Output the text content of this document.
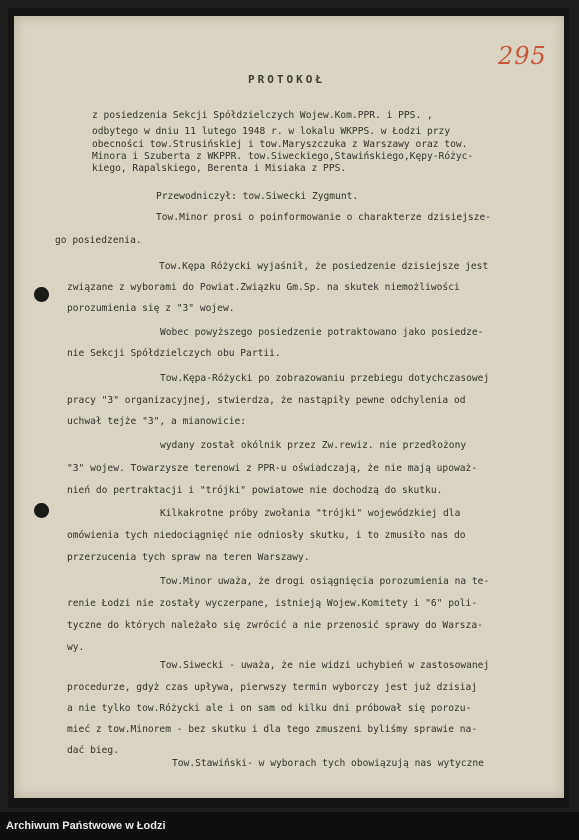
295
PROTOKOŁ
z posiedzenia Sekcji Spółdzielczych Wojew.Kom.PPR. i PPS. ,
odbytego w dniu 11 lutego 1948 r. w lokalu WKPPS. w Łodzi przy
obecności tow.Strusińskiej i tow.Maryszczuka z Warszawy oraz tow.
Minora i Szuberta z WKPPR. tow.Siweckiego,Stawińskiego,Kępy-Różyc-
kiego, Rapalskiego, Berenta i Misiaka z PPS.
Przewodniczył: tow.Siwecki Zygmunt.
Tow.Minor prosi o poinformowanie o charakterze dzisiejsze-
go posiedzenia.
Tow.Kępa Różycki wyjaśnił, że posiedzenie dzisiejsze jest
związane z wyborami do Powiat.Związku Gm.Sp. na skutek niemożliwości
porozumienia się z "3" wojew.
Wobec powyższego posiedzenie potraktowano jako posiedze-
nie Sekcji Spółdzielczych obu Partii.
Tow.Kępa-Różycki po zobrazowaniu przebiegu dotychczasowej
pracy "3" organizacyjnej, stwierdza, że nastąpiły pewne odchylenia od
uchwał tejże "3", a mianowicie:
wydany został okólnik przez Zw.rewiz. nie przedłożony
"3" wojew. Towarzysze terenowi z PPR-u oświadczają, że nie mają upoważ-
nień do pertraktacji i "trójki" powiatowe nie dochodzą do skutku.
Kilkakrotne próby zwołania "trójki" wojewódzkiej dla
omówienia tych niedociągnięć nie odniosły skutku, i to zmusiło nas do
przerzucenia tych spraw na teren Warszawy.
Tow.Minor uważa, że drogi osiągnięcia porozumienia na te-
renie Łodzi nie zostały wyczerpane, istnieją Wojew.Komitety i "6" poli-
tyczne do których należało się zwrócić a nie przenosić sprawy do Warsza-
wy.
Tow.Siwecki - uważa, że nie widzi uchybień w zastosowanej
procedurze, gdyż czas upływa, pierwszy termin wyborczy jest już dzisiaj
a nie tylko tow.Różycki ale i on sam od kilku dni próbował się porozu-
mieć z tow.Minorem - bez skutku i dla tego zmuszeni byliśmy sprawie na-
dać bieg.
Tow.Stawiński- w wyborach tych obowiązują nas wytyczne
Archiwum Państwowe w Łodzi
